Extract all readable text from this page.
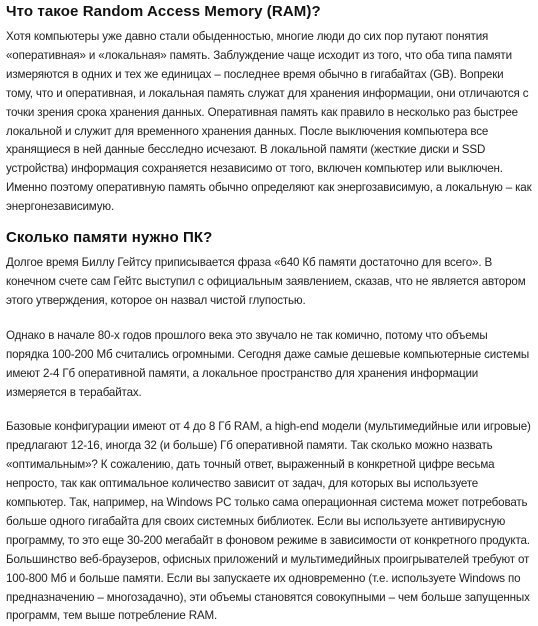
Что такое Random Access Memory (RAM)?

Хотя компьютеры уже давно стали обыденностью, многие люди до сих пор путают понятия «оперативная» и «локальная» память. Заблуждение чаще исходит из того, что оба типа памяти измеряются в одних и тех же единицах – последнее время обычно в гигабайтах (GB). Вопреки тому, что и оперативная, и локальная память служат для хранения информации, они отличаются с точки зрения срока хранения данных. Оперативная память как правило в несколько раз быстрее локальной и служит для временного хранения данных. После выключения компьютера все хранящиеся в ней данные бесследно исчезают. В локальной памяти (жесткие диски и SSD устройства) информация сохраняется независимо от того, включен компьютер или выключен. Именно поэтому оперативную память обычно определяют как энергозависимую, а локальную – как энергонезависимую.

Сколько памяти нужно ПК?

Долгое время Биллу Гейтсу приписывается фраза «640 Кб памяти достаточно для всего». В конечном счете сам Гейтс выступил с официальным заявлением, сказав, что не является автором этого утверждения, которое он назвал чистой глупостью.

Однако в начале 80-х годов прошлого века это звучало не так комично, потому что объемы порядка 100-200 Мб считались огромными. Сегодня даже самые дешевые компьютерные системы имеют 2-4 Гб оперативной памяти, а локальное пространство для хранения информации измеряется в терабайтах.

Базовые конфигурации имеют от 4 до 8 Гб RAM, а high-end модели (мультимедийные или игровые) предлагают 12-16, иногда 32 (и больше) Гб оперативной памяти. Так сколько можно назвать «оптимальным»? К сожалению, дать точный ответ, выраженный в конкретной цифре весьма непросто, так как оптимальное количество зависит от задач, для которых вы используете компьютер. Так, например, на Windows PC только сама операционная система может потребовать больше одного гигабайта для своих системных библиотек. Если вы используете антивирусную программу, то это еще 30-200 мегабайт в фоновом режиме в зависимости от конкретного продукта. Большинство веб-браузеров, офисных приложений и мультимедийных проигрывателей требуют от 100-800 Мб и больше памяти. Если вы запускаете их одновременно (т.е. используете Windows по предназначению – многозадачно), эти объемы становятся совокупными – чем больше запущенных программ, тем выше потребление RAM.
